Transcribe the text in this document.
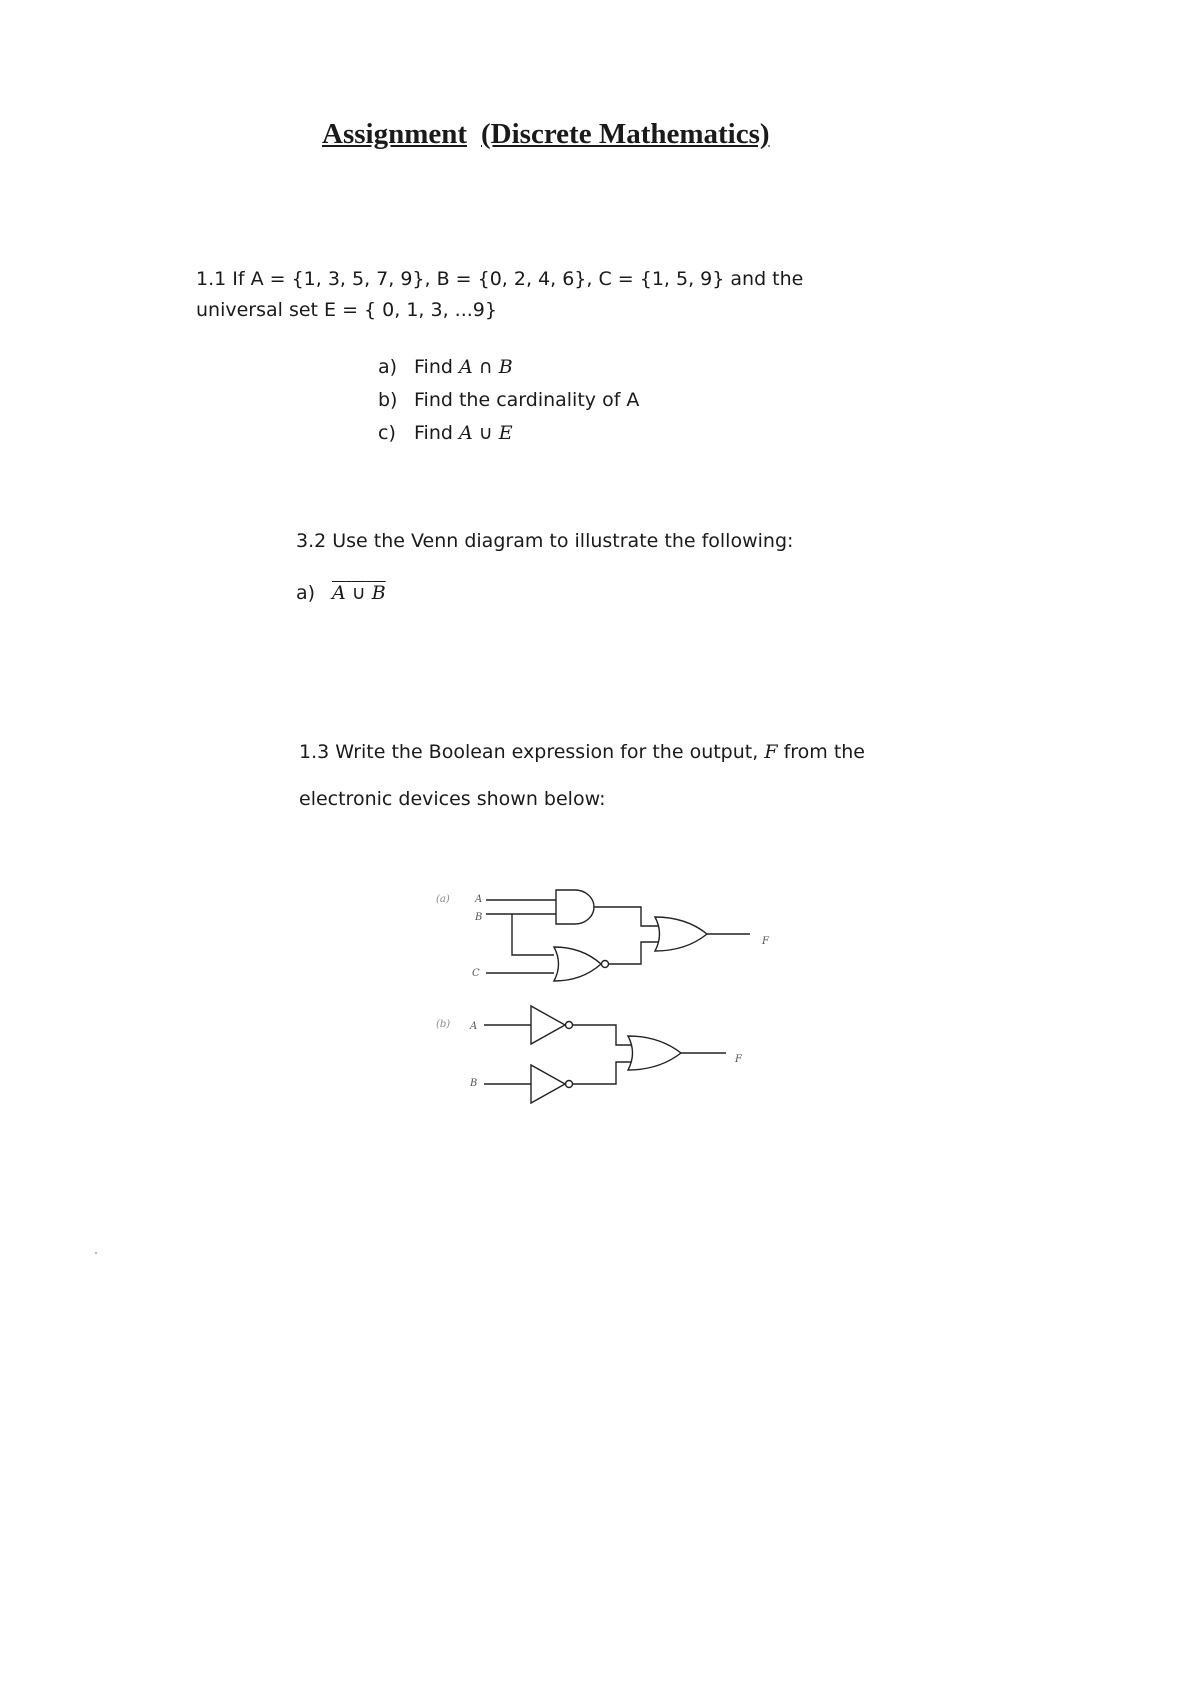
Assignment (Discrete Mathematics)
1.1 If A = {1, 3, 5, 7, 9}, B = {0, 2, 4, 6}, C = {1, 5, 9} and the
universal set E = { 0, 1, 3, ...9}
a) Find A ∩ B
b) Find the cardinality of A
c) Find A ∪ E
3.2 Use the Venn diagram to illustrate the following:
a) A ∪ B
1.3 Write the Boolean expression for the output, F from the
electronic devices shown below:
(a)	A
B
C
F
(b) A
B
F
